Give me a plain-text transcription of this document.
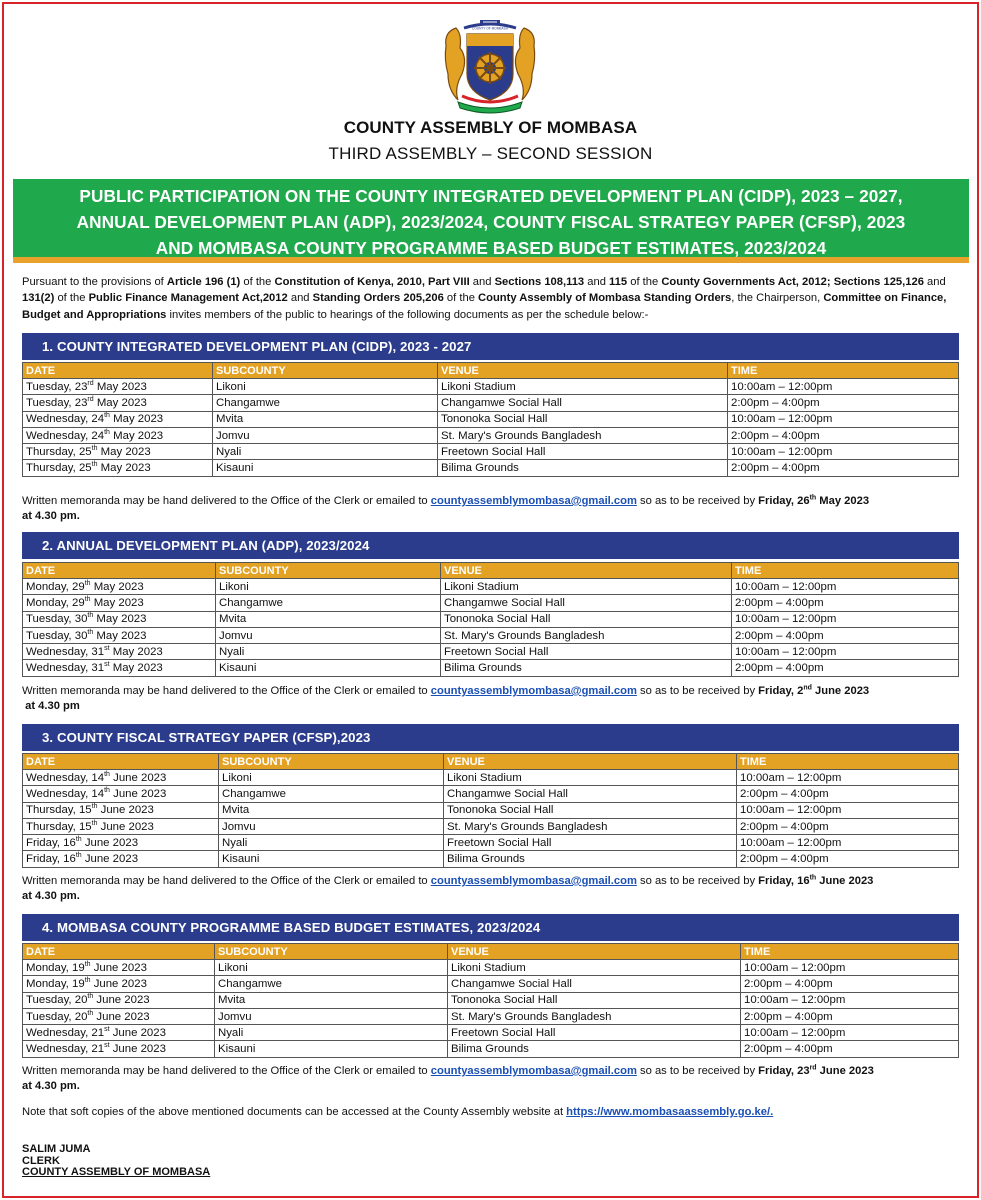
COUNTY OF MOMBASA
COUNTY ASSEMBLY OF MOMBASA
THIRD ASSEMBLY – SECOND SESSION
PUBLIC PARTICIPATION ON THE COUNTY INTEGRATED DEVELOPMENT PLAN (CIDP), 2023 – 2027,
ANNUAL DEVELOPMENT PLAN (ADP), 2023/2024, COUNTY FISCAL STRATEGY PAPER (CFSP), 2023
AND MOMBASA COUNTY PROGRAMME BASED BUDGET ESTIMATES, 2023/2024
Pursuant to the provisions of Article 196 (1) of the Constitution of Kenya, 2010, Part VIII and Sections 108,113 and 115 of the County Governments Act, 2012; Sections 125,126 and 131(2) of the Public Finance Management Act,2012 and Standing Orders 205,206 of the County Assembly of Mombasa Standing Orders, the Chairperson, Committee on Finance, Budget and Appropriations invites members of the public to hearings of the following documents as per the schedule below:-
1. COUNTY INTEGRATED DEVELOPMENT PLAN (CIDP), 2023 - 2027
DATE	SUBCOUNTY	VENUE	TIME
Tuesday, 23rd May 2023	Likoni	Likoni Stadium	10:00am – 12:00pm
Tuesday, 23rd May 2023	Changamwe	Changamwe Social Hall	2:00pm – 4:00pm
Wednesday, 24th May 2023	Mvita	Tononoka Social Hall	10:00am – 12:00pm
Wednesday, 24th May 2023	Jomvu	St. Mary's Grounds Bangladesh	2:00pm – 4:00pm
Thursday, 25th May 2023	Nyali	Freetown Social Hall	10:00am – 12:00pm
Thursday, 25th May 2023	Kisauni	Bilima Grounds	2:00pm – 4:00pm
Written memoranda may be hand delivered to the Office of the Clerk or emailed to countyassemblymombasa@gmail.com so as to be received by Friday, 26th May 2023
at 4.30 pm.
2. ANNUAL DEVELOPMENT PLAN (ADP), 2023/2024
DATE	SUBCOUNTY	VENUE	TIME
Monday, 29th May 2023	Likoni	Likoni Stadium	10:00am – 12:00pm
Monday, 29th May 2023	Changamwe	Changamwe Social Hall	2:00pm – 4:00pm
Tuesday, 30th May 2023	Mvita	Tononoka Social Hall	10:00am – 12:00pm
Tuesday, 30th May 2023	Jomvu	St. Mary's Grounds Bangladesh	2:00pm – 4:00pm
Wednesday, 31st May 2023	Nyali	Freetown Social Hall	10:00am – 12:00pm
Wednesday, 31st May 2023	Kisauni	Bilima Grounds	2:00pm – 4:00pm
Written memoranda may be hand delivered to the Office of the Clerk or emailed to countyassemblymombasa@gmail.com so as to be received by Friday, 2nd June 2023
at 4.30 pm
3. COUNTY FISCAL STRATEGY PAPER (CFSP),2023
DATE	SUBCOUNTY	VENUE	TIME
Wednesday, 14th June 2023	Likoni	Likoni Stadium	10:00am – 12:00pm
Wednesday, 14th June 2023	Changamwe	Changamwe Social Hall	2:00pm – 4:00pm
Thursday, 15th June 2023	Mvita	Tononoka Social Hall	10:00am – 12:00pm
Thursday, 15th June 2023	Jomvu	St. Mary's Grounds Bangladesh	2:00pm – 4:00pm
Friday, 16th June 2023	Nyali	Freetown Social Hall	10:00am – 12:00pm
Friday, 16th June 2023	Kisauni	Bilima Grounds	2:00pm – 4:00pm
Written memoranda may be hand delivered to the Office of the Clerk or emailed to countyassemblymombasa@gmail.com so as to be received by Friday, 16th June 2023
at 4.30 pm.
4. MOMBASA COUNTY PROGRAMME BASED BUDGET ESTIMATES, 2023/2024
DATE	SUBCOUNTY	VENUE	TIME
Monday, 19th June 2023	Likoni	Likoni Stadium	10:00am – 12:00pm
Monday, 19th June 2023	Changamwe	Changamwe Social Hall	2:00pm – 4:00pm
Tuesday, 20th June 2023	Mvita	Tononoka Social Hall	10:00am – 12:00pm
Tuesday, 20th June 2023	Jomvu	St. Mary's Grounds Bangladesh	2:00pm – 4:00pm
Wednesday, 21st June 2023	Nyali	Freetown Social Hall	10:00am – 12:00pm
Wednesday, 21st June 2023	Kisauni	Bilima Grounds	2:00pm – 4:00pm
Written memoranda may be hand delivered to the Office of the Clerk or emailed to countyassemblymombasa@gmail.com so as to be received by Friday, 23rd June 2023
at 4.30 pm.
Note that soft copies of the above mentioned documents can be accessed at the County Assembly website at https://www.mombasaassembly.go.ke/.
SALIM JUMA
CLERK
COUNTY ASSEMBLY OF MOMBASA
